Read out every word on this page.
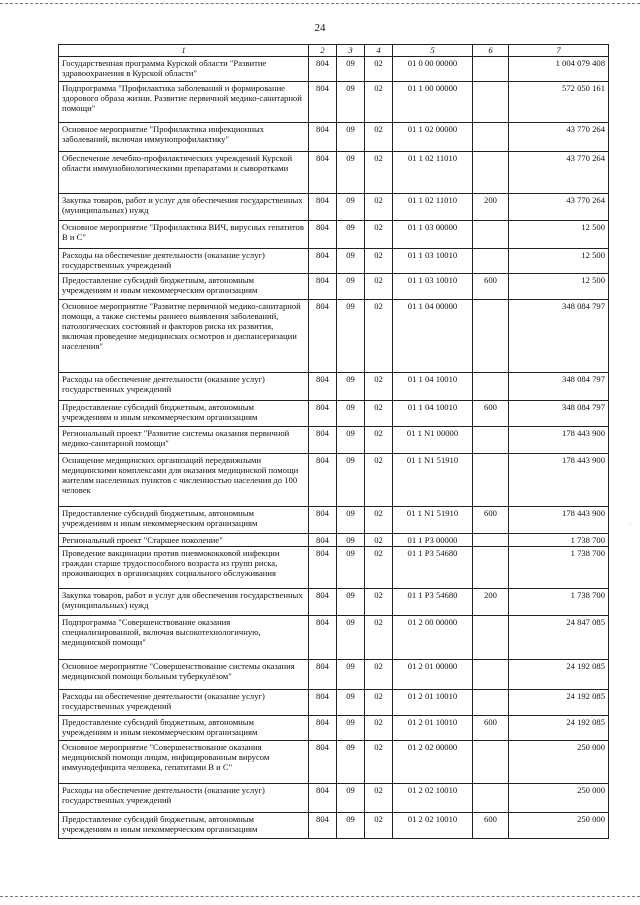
·
24
1	2	3	4	5	6	7
Государственная программа Курской области "Развитие здравоохранения в Курской области"	804	09	02	01 0 00 00000		1 004 079 408
Подпрограмма "Профилактика заболеваний и формирование здорового образа жизни. Развитие первичной медико-санитарной помощи"	804	09	02	01 1 00 00000		572 050 161
Основное мероприятие "Профилактика инфекционных заболеваний, включая иммунопрофилактику"	804	09	02	01 1 02 00000		43 770 264
Обеспечение лечебно-профилактических учреждений Курской области иммунобиологическими препаратами и сыворотками	804	09	02	01 1 02 11010		43 770 264
Закупка товаров, работ и услуг для обеспечения государственных (муниципальных) нужд	804	09	02	01 1 02 11010	200	43 770 264
Основное мероприятие "Профилактика ВИЧ, вирусных гепатитов В и С"	804	09	02	01 1 03 00000		12 500
Расходы на обеспечение деятельности (оказание услуг) государственных учреждений	804	09	02	01 1 03 10010		12 500
Предоставление субсидий бюджетным, автономным учреждениям и иным некоммерческим организациям	804	09	02	01 1 03 10010	600	12 500
Основное мероприятие "Развитие первичной медико-санитарной помощи, а также системы раннего выявления заболеваний, патологических состояний и факторов риска их развития, включая проведение медицинских осмотров и диспансеризации населения"	804	09	02	01 1 04 00000		348 084 797
Расходы на обеспечение деятельности (оказание услуг) государственных учреждений	804	09	02	01 1 04 10010		348 084 797
Предоставление субсидий бюджетным, автономным учреждениям и иным некоммерческим организациям	804	09	02	01 1 04 10010	600	348 084 797
Региональный проект "Развитие системы оказания первичной медико-санитарной помощи"	804	09	02	01 1 N1 00000		178 443 900
Оснащение медицинских организаций передвижными медицинскими комплексами для оказания медицинской помощи жителям населенных пунктов с численностью населения до 100 человек	804	09	02	01 1 N1 51910		178 443 900
Предоставление субсидий бюджетным, автономным учреждениям и иным некоммерческим организациям	804	09	02	01 1 N1 51910	600	178 443 900
Региональный проект "Старшее поколение"	804	09	02	01 1 P3 00000		1 738 700
Проведение вакцинации против пневмококковой инфекции граждан старше трудоспособного возраста из групп риска, проживающих в организациях социального обслуживания	804	09	02	01 1 P3 54680		1 738 700
Закупка товаров, работ и услуг для обеспечения государственных (муниципальных) нужд	804	09	02	01 1 P3 54680	200	1 738 700
Подпрограмма "Совершенствование оказания специализированной, включая высокотехнологичную, медицинской помощи"	804	09	02	01 2 00 00000		24 847 085
Основное мероприятие "Совершенствование системы оказания медицинской помощи больным туберкулёзом"	804	09	02	01 2 01 00000		24 192 085
Расходы на обеспечение деятельности (оказание услуг) государственных учреждений	804	09	02	01 2 01 10010		24 192 085
Предоставление субсидий бюджетным, автономным учреждениям и иным некоммерческим организациям	804	09	02	01 2 01 10010	600	24 192 085
Основное мероприятие "Совершенствование оказания медицинской помощи лицам, инфицированным вирусом иммунодефицита человека, гепатитами В и С"	804	09	02	01 2 02 00000		250 000
Расходы на обеспечение деятельности (оказание услуг) государственных учреждений	804	09	02	01 2 02 10010		250 000
Предоставление субсидий бюджетным, автономным учреждениям и иным некоммерческим организациям	804	09	02	01 2 02 10010	600	250 000
